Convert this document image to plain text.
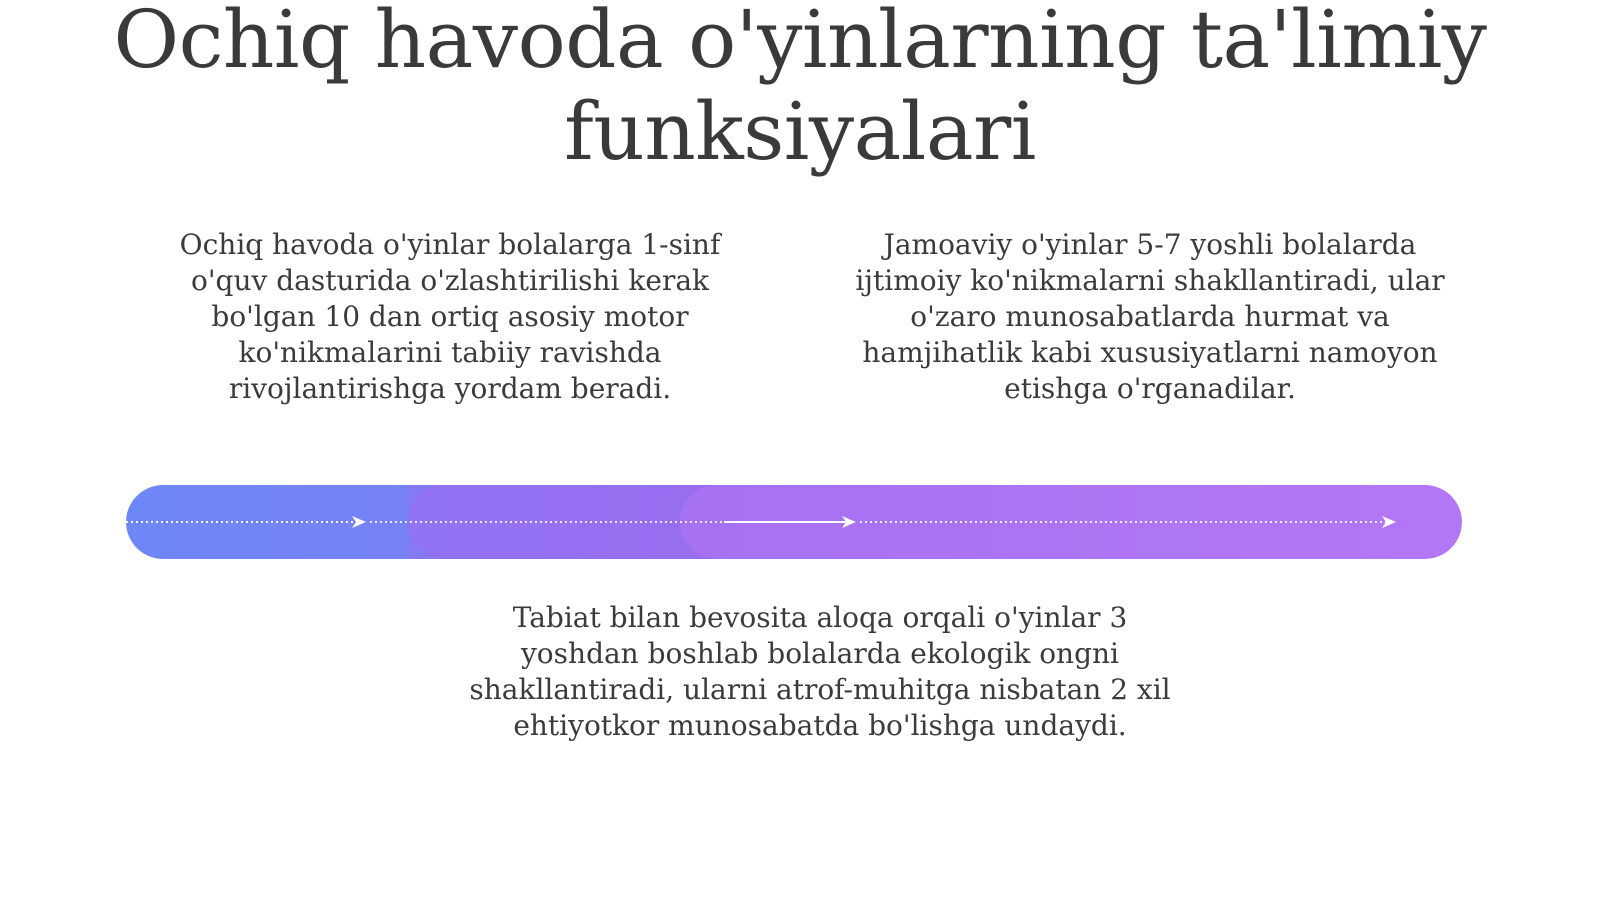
Ochiq havoda o'yinlarning ta'limiy funksiyalari

Ochiq havoda o'yinlar bolalarga 1-sinf o'quv dasturida o'zlashtirilishi kerak bo'lgan 10 dan ortiq asosiy motor ko'nikmalarini tabiiy ravishda rivojlantirishga yordam beradi.

Jamoaviy o'yinlar 5-7 yoshli bolalarda ijtimoiy ko'nikmalarni shakllantiradi, ular o'zaro munosabatlarda hurmat va hamjihatlik kabi xususiyatlarni namoyon etishga o'rganadilar.

Tabiat bilan bevosita aloqa orqali o'yinlar 3 yoshdan boshlab bolalarda ekologik ongni shakllantiradi, ularni atrof-muhitga nisbatan 2 xil ehtiyotkor munosabatda bo'lishga undaydi.
